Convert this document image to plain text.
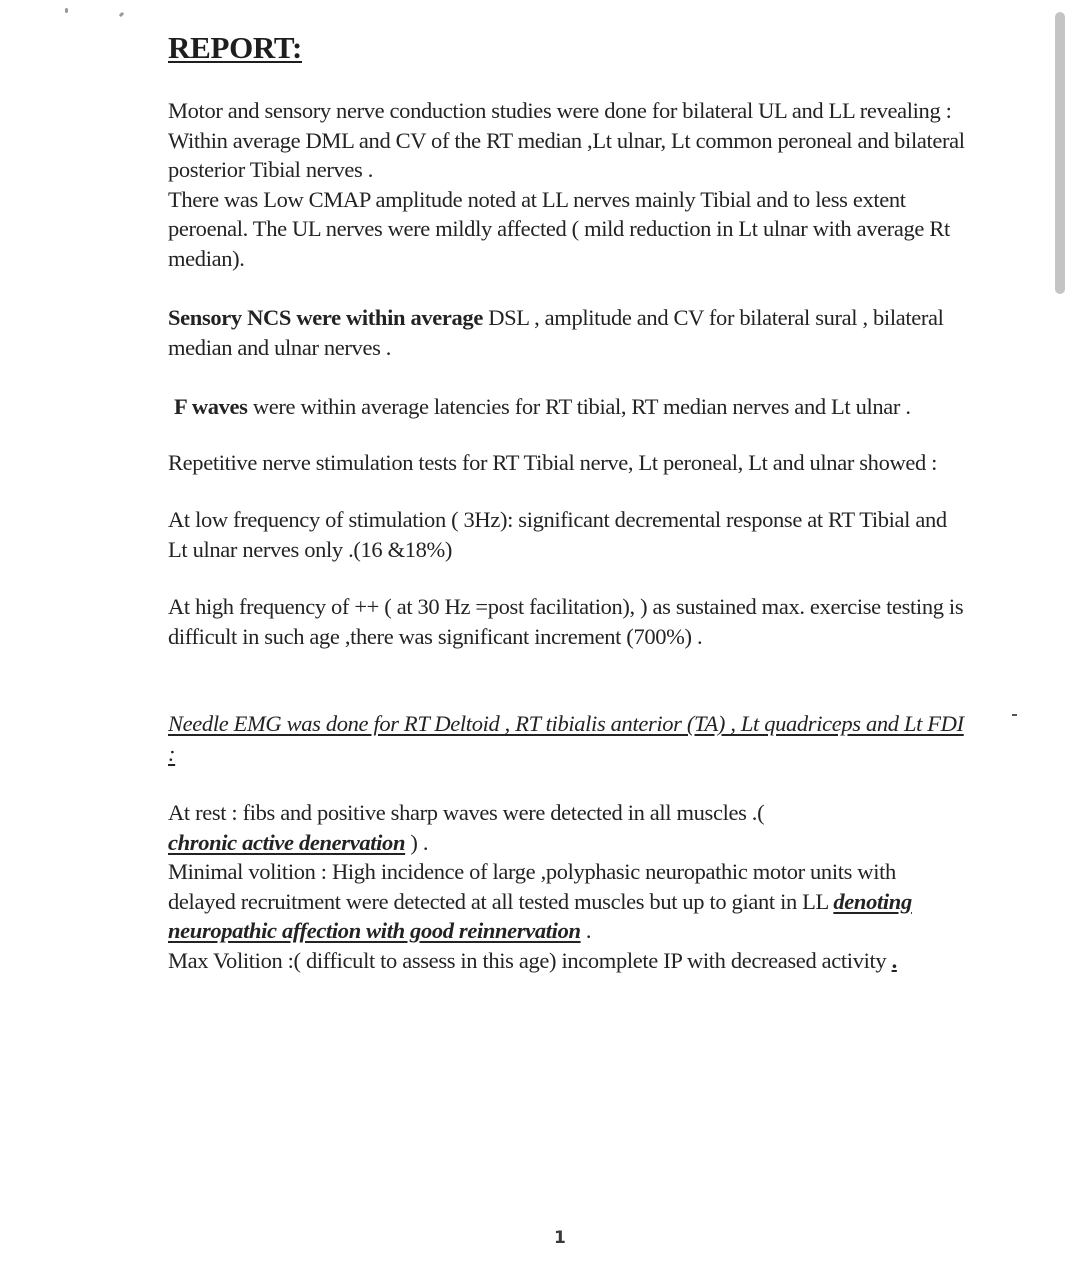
REPORT:

Motor and sensory nerve conduction studies were done for bilateral UL and LL revealing :

Within average DML and CV of the RT median ,Lt ulnar, Lt common peroneal and bilateral posterior Tibial nerves .

There was Low CMAP amplitude noted at LL nerves mainly Tibial and to less extent peroenal. The UL nerves were mildly affected ( mild reduction in Lt ulnar with average Rt median).

Sensory NCS were within average DSL , amplitude and CV for bilateral sural , bilateral median and ulnar nerves .

F waves were within average latencies for RT tibial, RT median nerves and Lt ulnar .

Repetitive nerve stimulation tests for RT Tibial nerve, Lt peroneal, Lt and ulnar showed :

At low frequency of stimulation ( 3Hz): significant decremental response at RT Tibial and Lt ulnar nerves only .(16 &18%)

At high frequency of ++ ( at 30 Hz =post facilitation), ) as sustained max. exercise testing is difficult in such age ,there was significant increment (700%) .

Needle EMG was done for RT Deltoid , RT tibialis anterior (TA) , Lt quadriceps and Lt FDI :

At rest : fibs and positive sharp waves were detected in all muscles .(
chronic active denervation ) .

Minimal volition : High incidence of large ,polyphasic neuropathic motor units with delayed recruitment were detected at all tested muscles but up to giant in LL denoting neuropathic affection with good reinnervation .

Max Volition :( difficult to assess in this age) incomplete IP with decreased activity .

1
